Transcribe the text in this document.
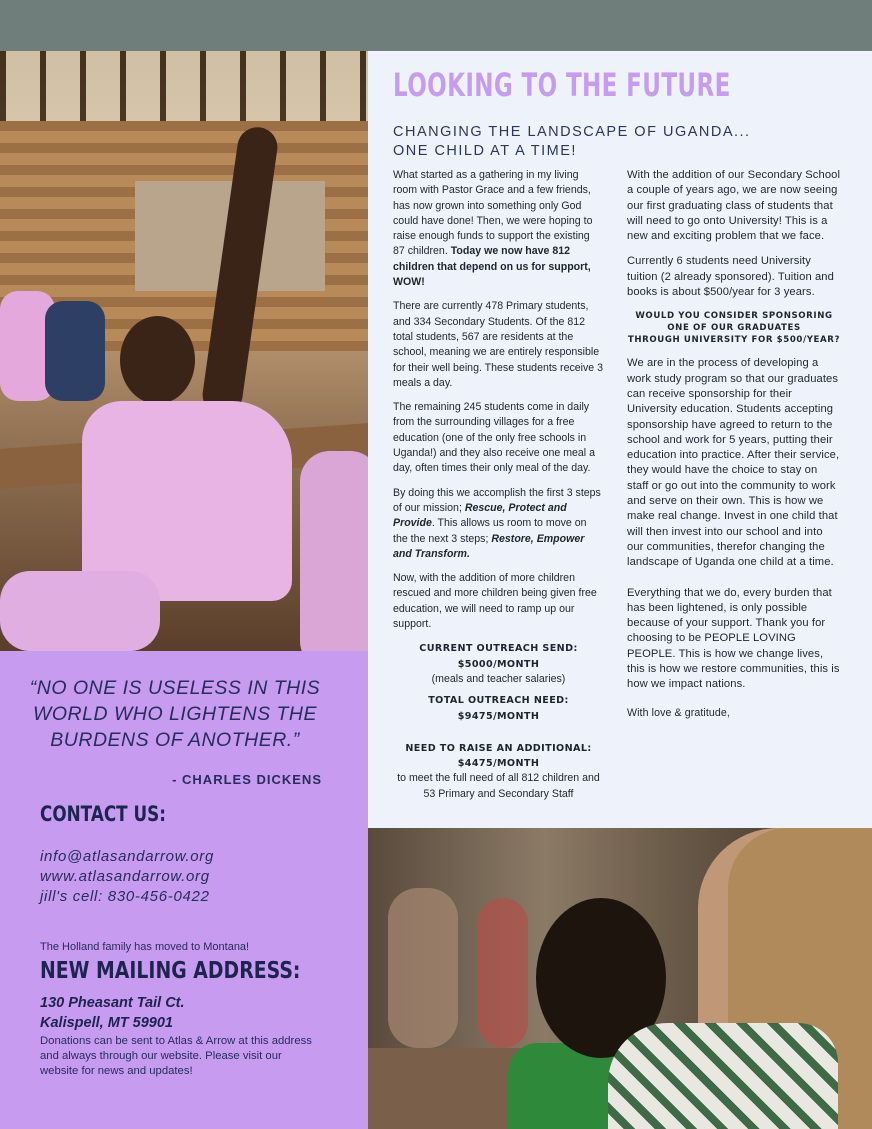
“NO ONE IS USELESS IN THIS WORLD WHO LIGHTENS THE BURDENS OF ANOTHER.”
- CHARLES DICKENS
CONTACT US:
info@atlasandarrow.org
www.atlasandarrow.org
jill's cell: 830-456-0422
The Holland family has moved to Montana!
NEW MAILING ADDRESS:
130 Pheasant Tail Ct.
Kalispell, MT 59901
Donations can be sent to Atlas & Arrow at this address and always through our website. Please visit our website for news and updates!
LOOKING TO THE FUTURE
CHANGING THE LANDSCAPE OF UGANDA...
ONE CHILD AT A TIME!

What started as a gathering in my living room with Pastor Grace and a few friends, has now grown into something only God could have done! Then, we were hoping to raise enough funds to support the existing 87 children. Today we now have 812 children that depend on us for support, WOW!

There are currently 478 Primary students, and 334 Secondary Students. Of the 812 total students, 567 are residents at the school, meaning we are entirely responsible for their well being. These students receive 3 meals a day.

The remaining 245 students come in daily from the surrounding villages for a free education (one of the only free schools in Uganda!) and they also receive one meal a day, often times their only meal of the day.

By doing this we accomplish the first 3 steps of our mission; Rescue, Protect and Provide. This allows us room to move on the the next 3 steps; Restore, Empower and Transform.

Now, with the addition of more children rescued and more children being given free education, we will need to ramp up our support.

CURRENT OUTREACH SEND:

$5000/MONTH

(meals and teacher salaries)

TOTAL OUTREACH NEED:

$9475/MONTH

NEED TO RAISE AN ADDITIONAL:

$4475/MONTH

to meet the full need of all 812 children and 53 Primary and Secondary Staff

With the addition of our Secondary School a couple of years ago, we are now seeing our first graduating class of students that will need to go onto University! This is a new and exciting problem that we face.

Currently 6 students need University tuition (2 already sponsored). Tuition and books is about $500/year for 3 years.

WOULD YOU CONSIDER SPONSORING
ONE OF OUR GRADUATES
THROUGH UNIVERSITY FOR $500/YEAR?

We are in the process of developing a work study program so that our graduates can receive sponsorship for their University education. Students accepting sponsorship have agreed to return to the school and work for 5 years, putting their education into practice. After their service, they would have the choice to stay on staff or go out into the community to work and serve on their own. This is how we make real change. Invest in one child that will then invest into our school and into our communities, therefor changing the landscape of Uganda one child at a time.

Everything that we do, every burden that has been lightened, is only possible because of your support. Thank you for choosing to be PEOPLE LOVING PEOPLE. This is how we change lives, this is how we restore communities, this is how we impact nations.

With love & gratitude,
